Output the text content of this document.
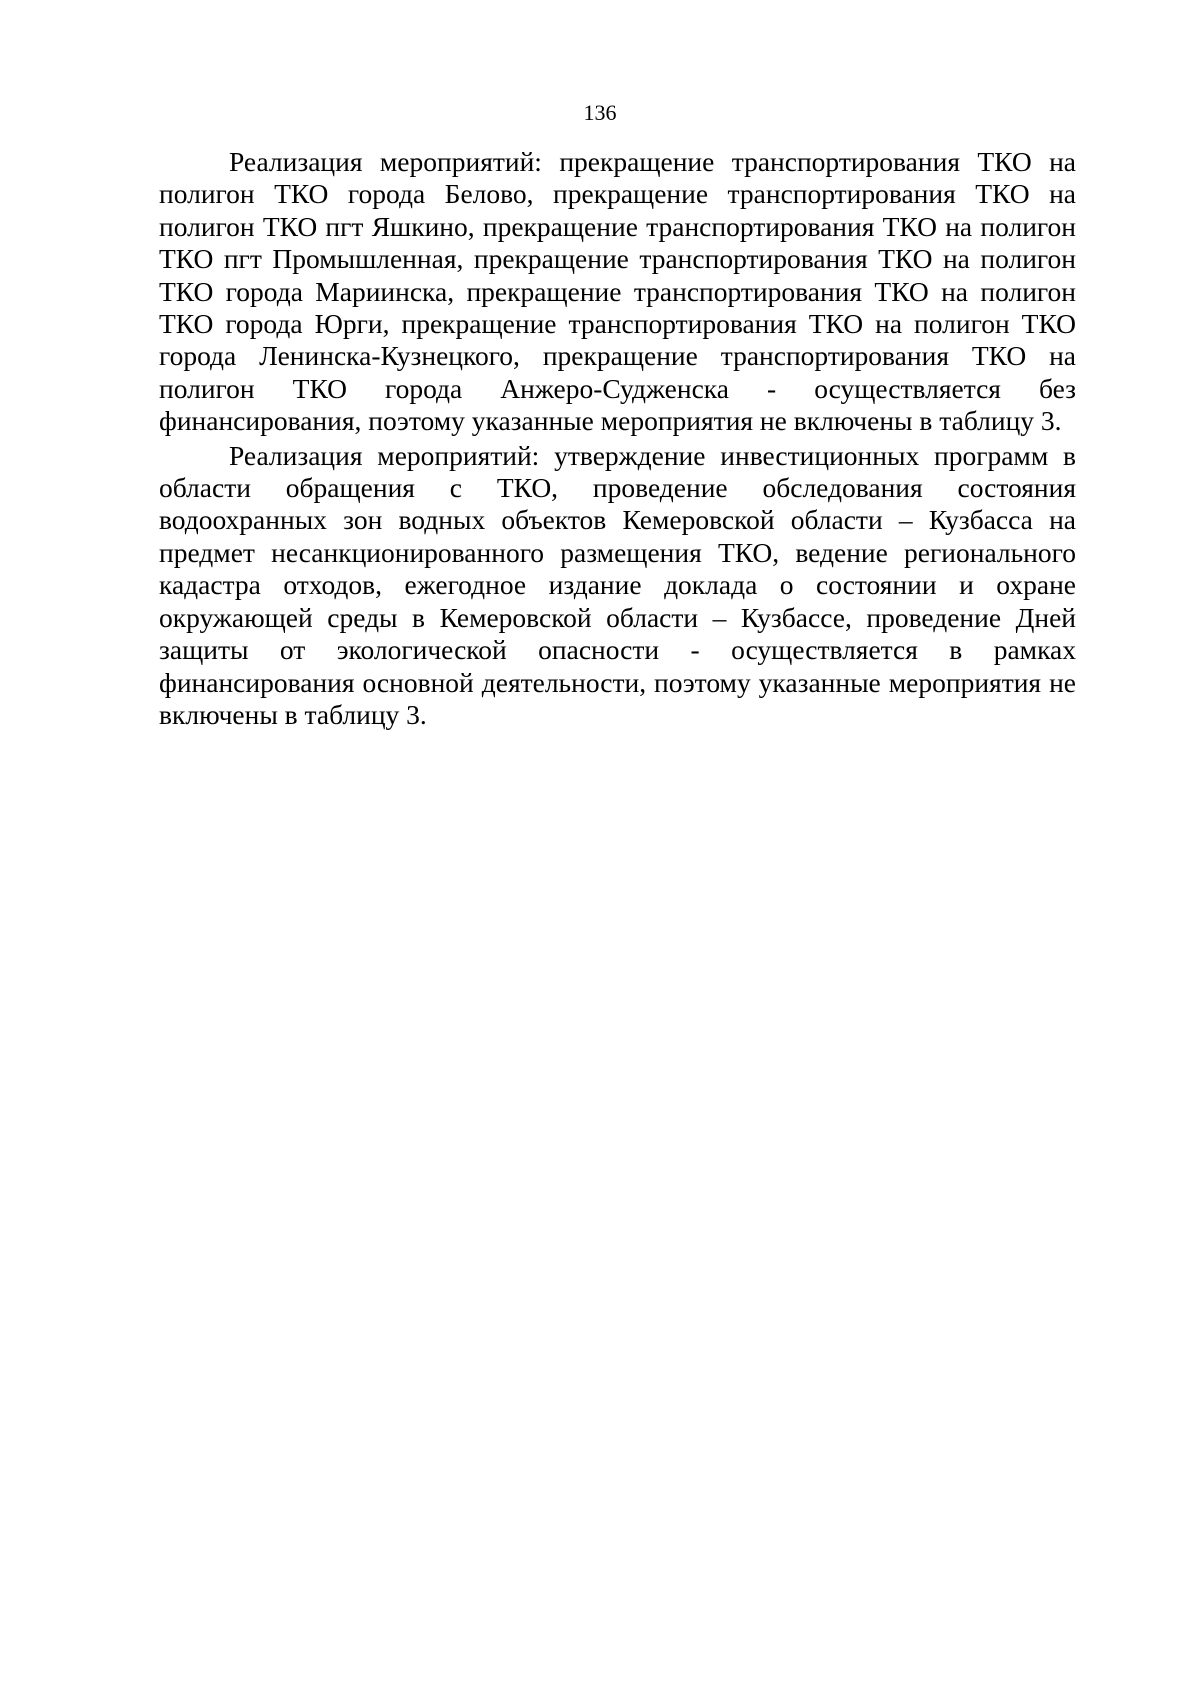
136

Реализация мероприятий: прекращение транспортирования ТКО на полигон ТКО города Белово, прекращение транспортирования ТКО на полигон ТКО пгт Яшкино, прекращение транспортирования ТКО на полигон ТКО пгт Промышленная, прекращение транспортирования ТКО на полигон ТКО города Мариинска, прекращение транспортирования ТКО на полигон ТКО города Юрги, прекращение транспортирования ТКО на полигон ТКО города Ленинска-Кузнецкого, прекращение транспортирования ТКО на полигон ТКО города Анжеро-Судженска - осуществляется без финансирования, поэтому указанные мероприятия не включены в таблицу 3.

Реализация мероприятий: утверждение инвестиционных программ в области обращения с ТКО, проведение обследования состояния водоохранных зон водных объектов Кемеровской области – Кузбасса на предмет несанкционированного размещения ТКО, ведение регионального кадастра отходов, ежегодное издание доклада о состоянии и охране окружающей среды в Кемеровской области – Кузбассе, проведение Дней защиты от экологической опасности - осуществляется в рамках финансирования основной деятельности, поэтому указанные мероприятия не включены в таблицу 3.
